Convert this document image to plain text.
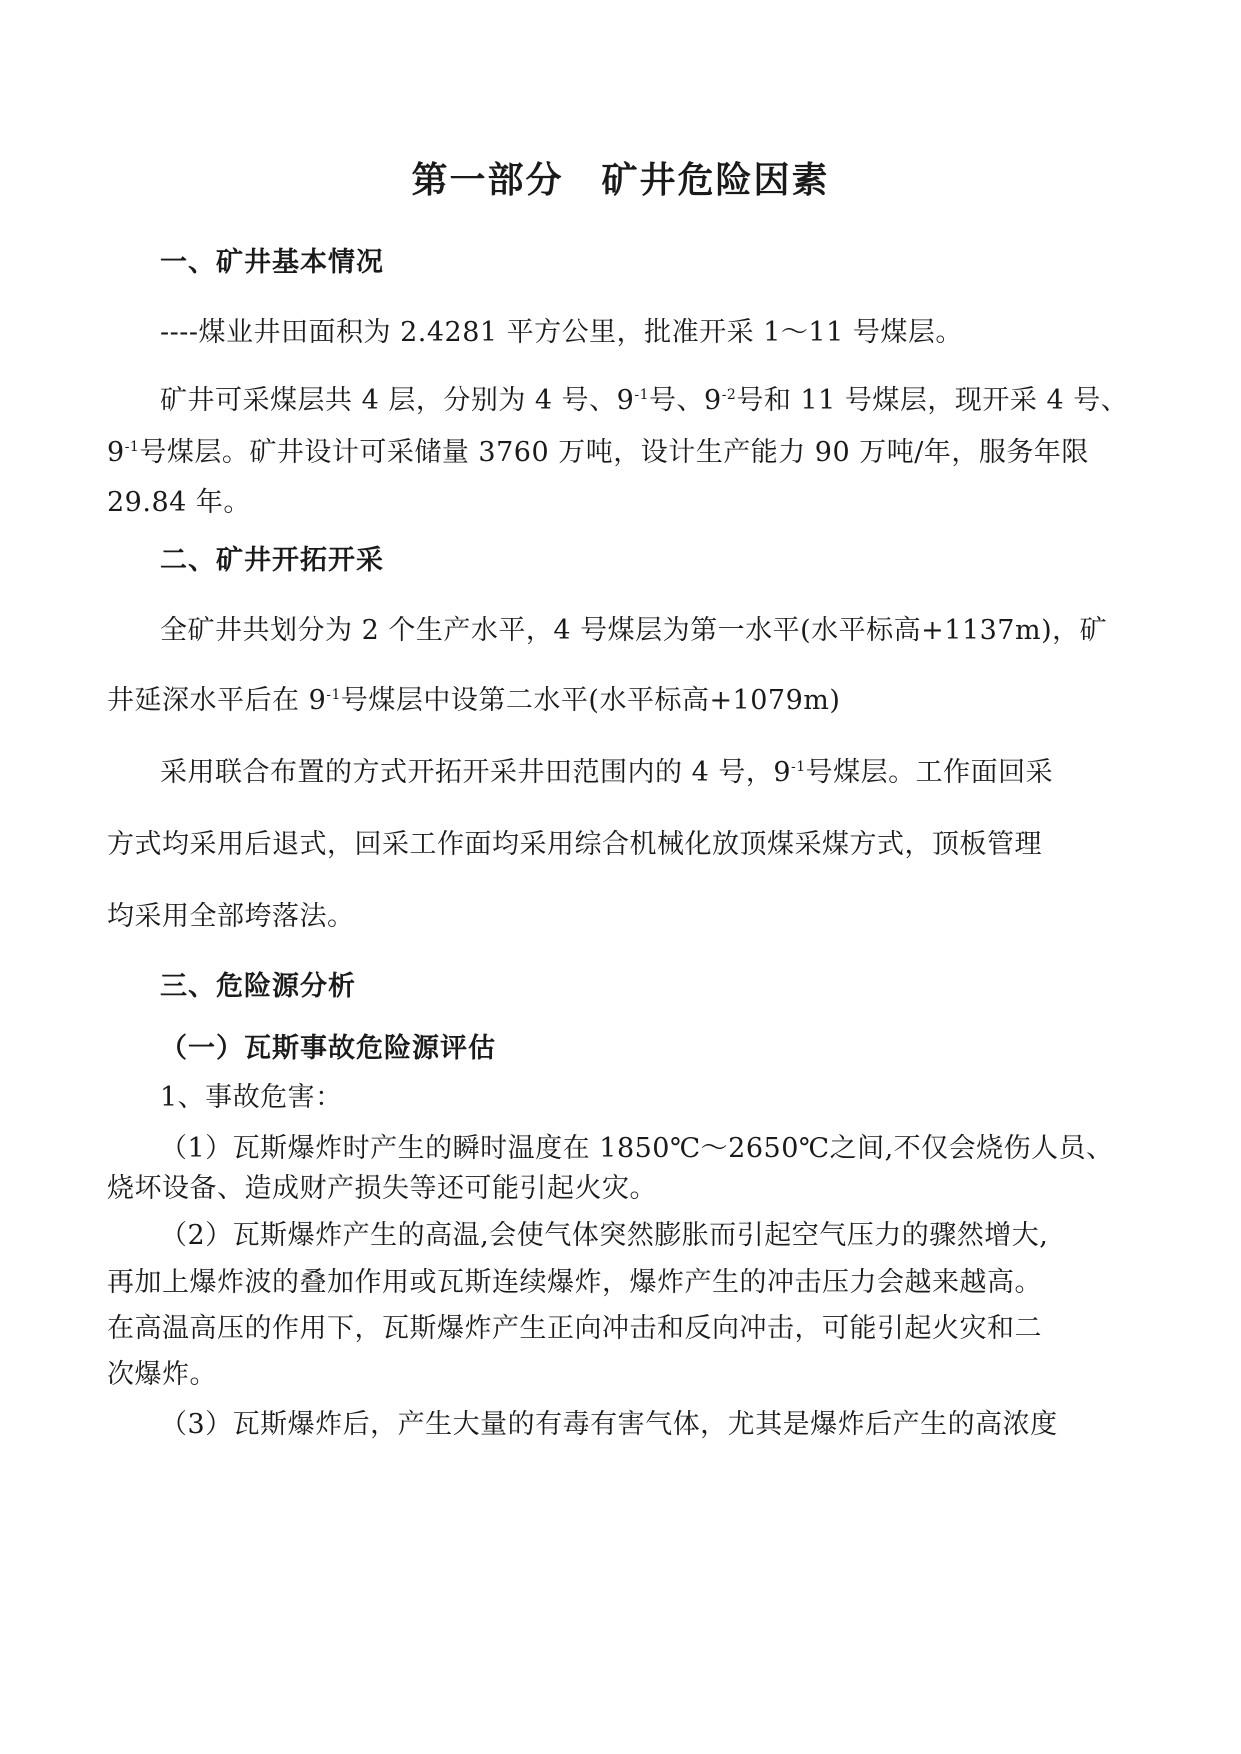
第一部分　矿井危险因素
一、矿井基本情况
----煤业井田面积为 2.4281 平方公里，批准开采 1～11 号煤层。
矿井可采煤层共 4 层，分别为 4 号、$9^{-1}$号、$9^{-2}$号和 11 号煤层，现开采 4 号、
$9^{-1}$号煤层。矿井设计可采储量 3760 万吨，设计生产能力 90 万吨/年，服务年限
29.84 年。
二、矿井开拓开采
全矿井共划分为 2 个生产水平，4 号煤层为第一水平(水平标高+1137m)，矿
井延深水平后在 $9^{-1}$号煤层中设第二水平(水平标高+1079m)
采用联合布置的方式开拓开采井田范围内的 4 号，$9^{-1}$号煤层。工作面回采
方式均采用后退式，回采工作面均采用综合机械化放顶煤采煤方式，顶板管理
均采用全部垮落法。
三、危险源分析
（一）瓦斯事故危险源评估
1、事故危害：
（1）瓦斯爆炸时产生的瞬时温度在 1850℃～2650℃之间,不仅会烧伤人员、
烧坏设备、造成财产损失等还可能引起火灾。
（2）瓦斯爆炸产生的高温,会使气体突然膨胀而引起空气压力的骤然增大,
再加上爆炸波的叠加作用或瓦斯连续爆炸，爆炸产生的冲击压力会越来越高。
在高温高压的作用下，瓦斯爆炸产生正向冲击和反向冲击，可能引起火灾和二
次爆炸。
（3）瓦斯爆炸后，产生大量的有毒有害气体，尤其是爆炸后产生的高浓度
